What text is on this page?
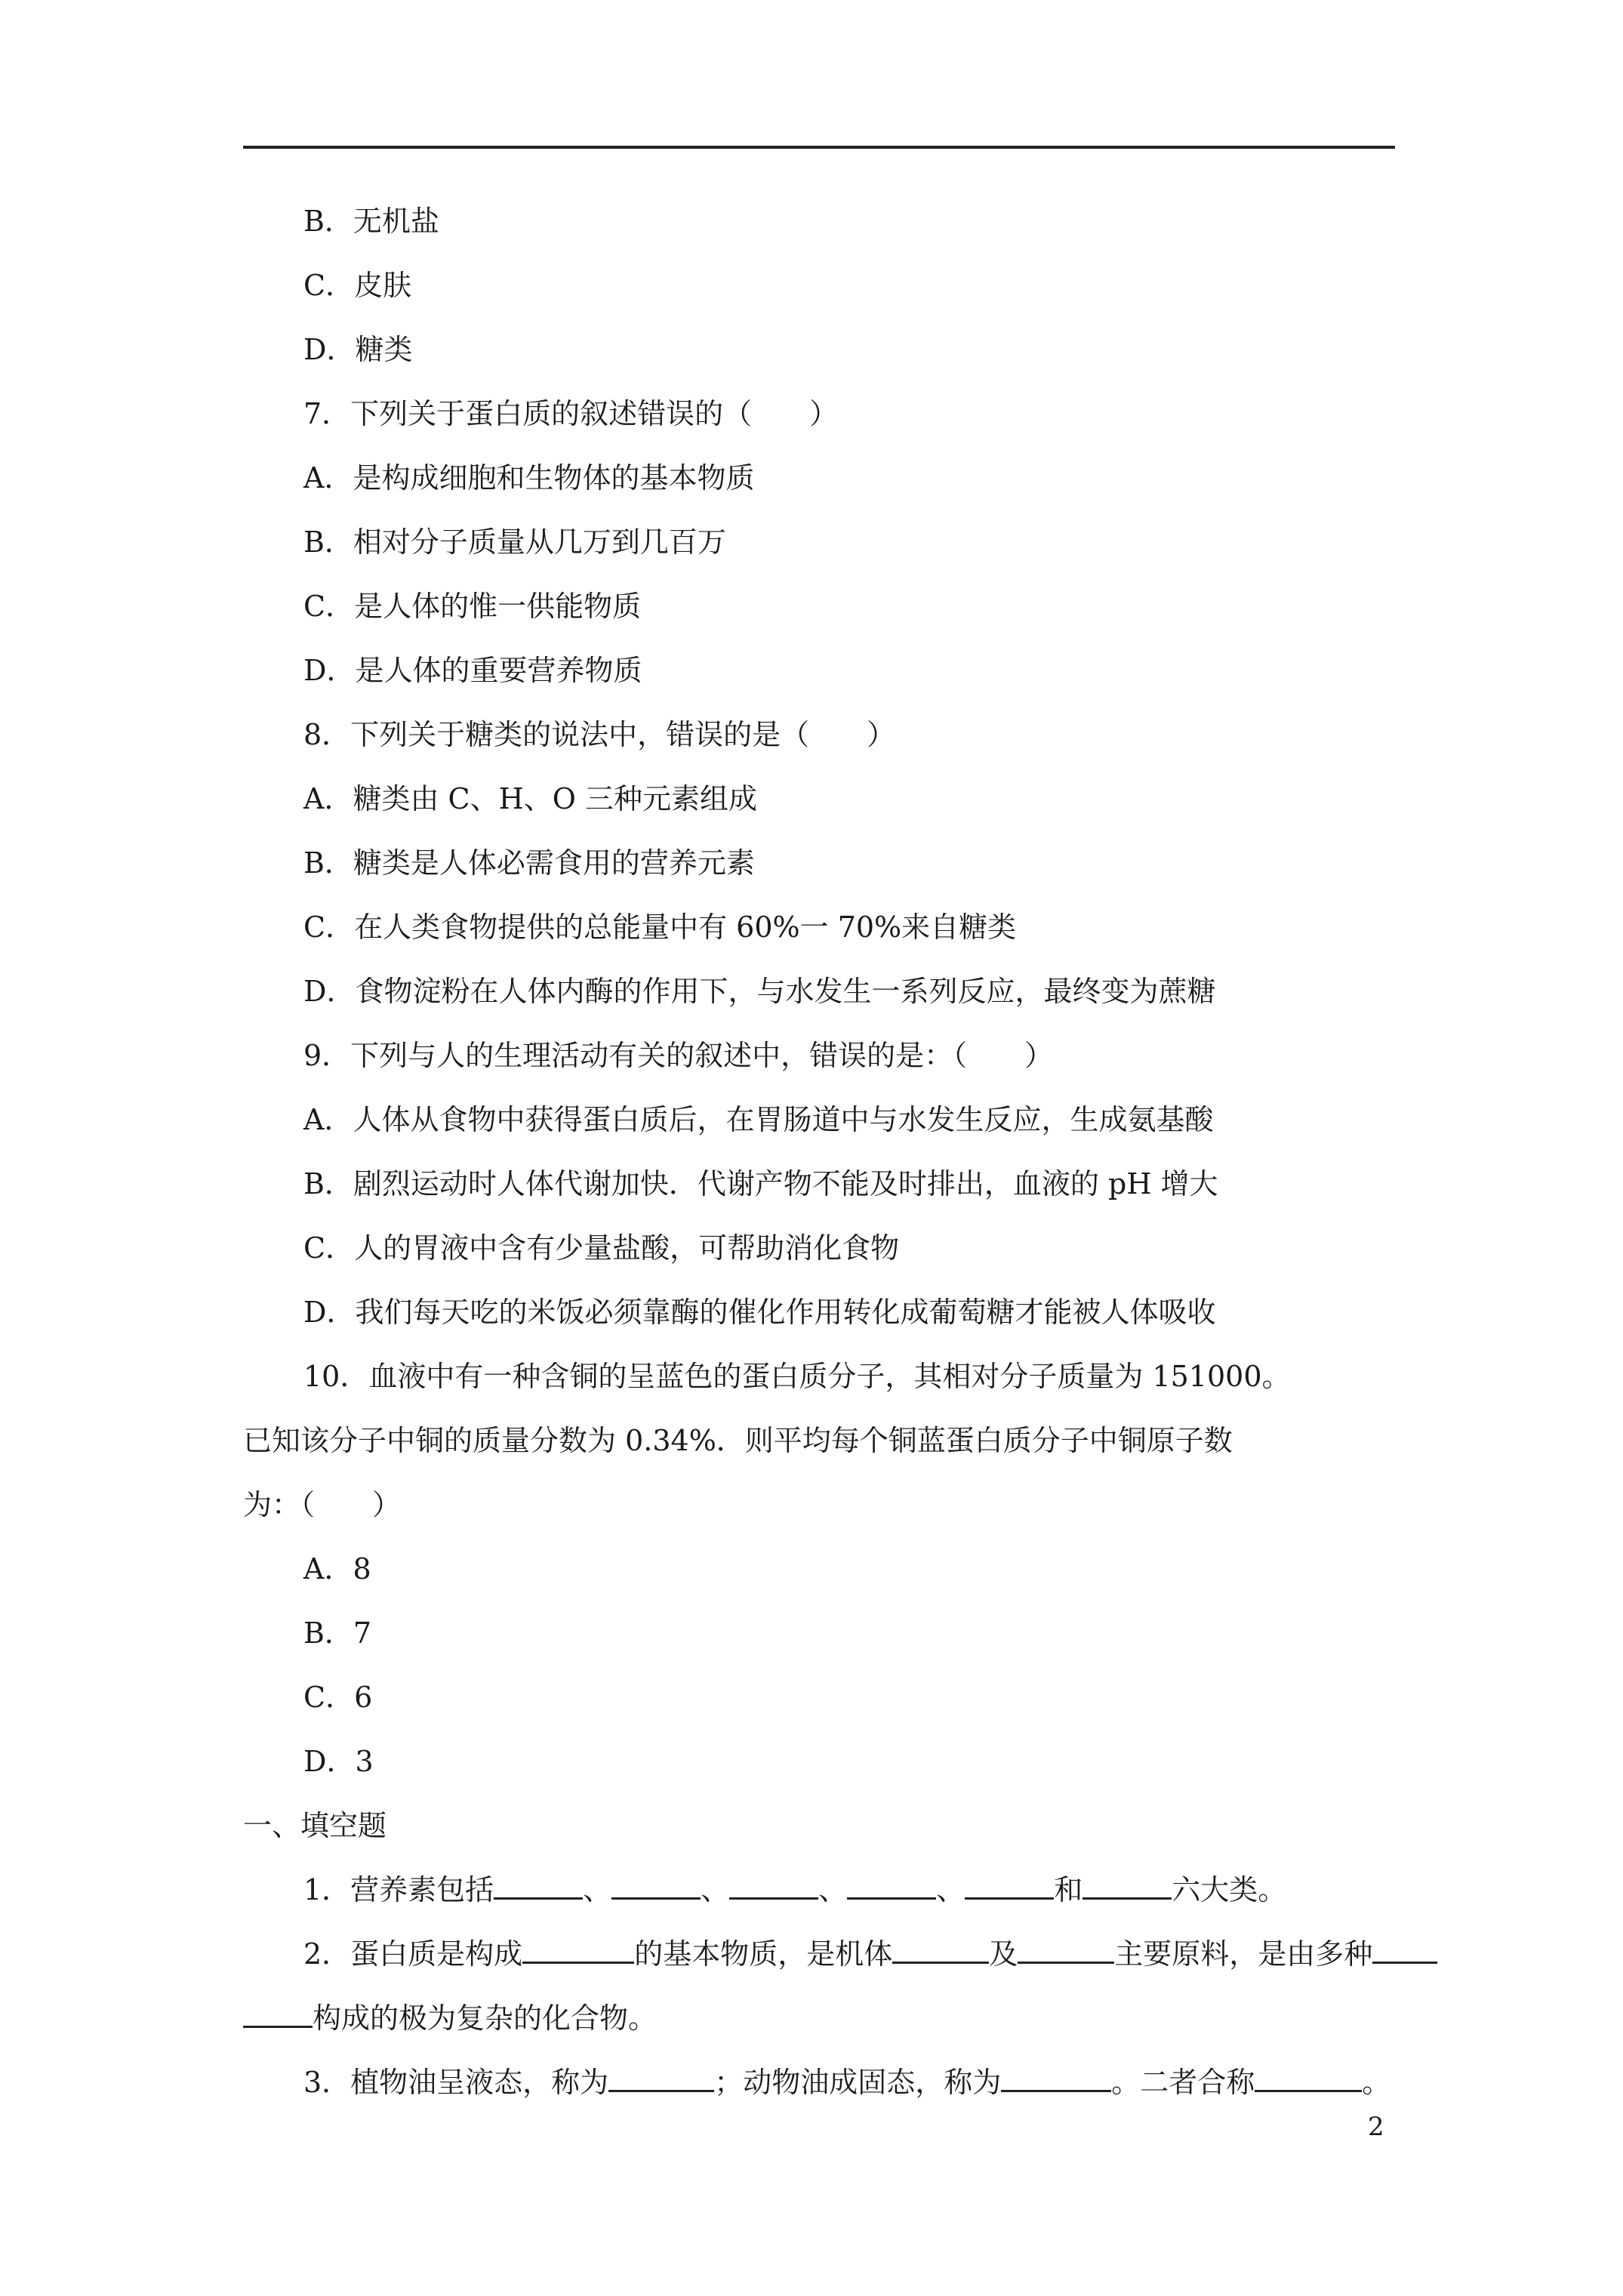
B．无机盐
C．皮肤
D．糖类
7．下列关于蛋白质的叙述错误的（　　）
A．是构成细胞和生物体的基本物质
B．相对分子质量从几万到几百万
C．是人体的惟一供能物质
D．是人体的重要营养物质
8．下列关于糖类的说法中，错误的是（　　）
A．糖类由 C、H、O 三种元素组成
B．糖类是人体必需食用的营养元素
C．在人类食物提供的总能量中有 60%一 70%来自糖类
D．食物淀粉在人体内酶的作用下，与水发生一系列反应，最终变为蔗糖
9．下列与人的生理活动有关的叙述中，错误的是：（　　）
A．人体从食物中获得蛋白质后，在胃肠道中与水发生反应，生成氨基酸
B．剧烈运动时人体代谢加快．代谢产物不能及时排出，血液的 pH 增大
C．人的胃液中含有少量盐酸，可帮助消化食物
D．我们每天吃的米饭必须靠酶的催化作用转化成葡萄糖才能被人体吸收
10．血液中有一种含铜的呈蓝色的蛋白质分子，其相对分子质量为 151000。
已知该分子中铜的质量分数为 0.34%．则平均每个铜蓝蛋白质分子中铜原子数
为：（　　）
A．8
B．7
C．6
D．3
一、填空题
1．营养素包括	、	、	、	、	和	六大类。
2．蛋白质是构成	的基本物质，是机体	及	主要原料，是由多种
构成的极为复杂的化合物。
3．植物油呈液态，称为	；动物油成固态，称为	。二者合称	。
2
